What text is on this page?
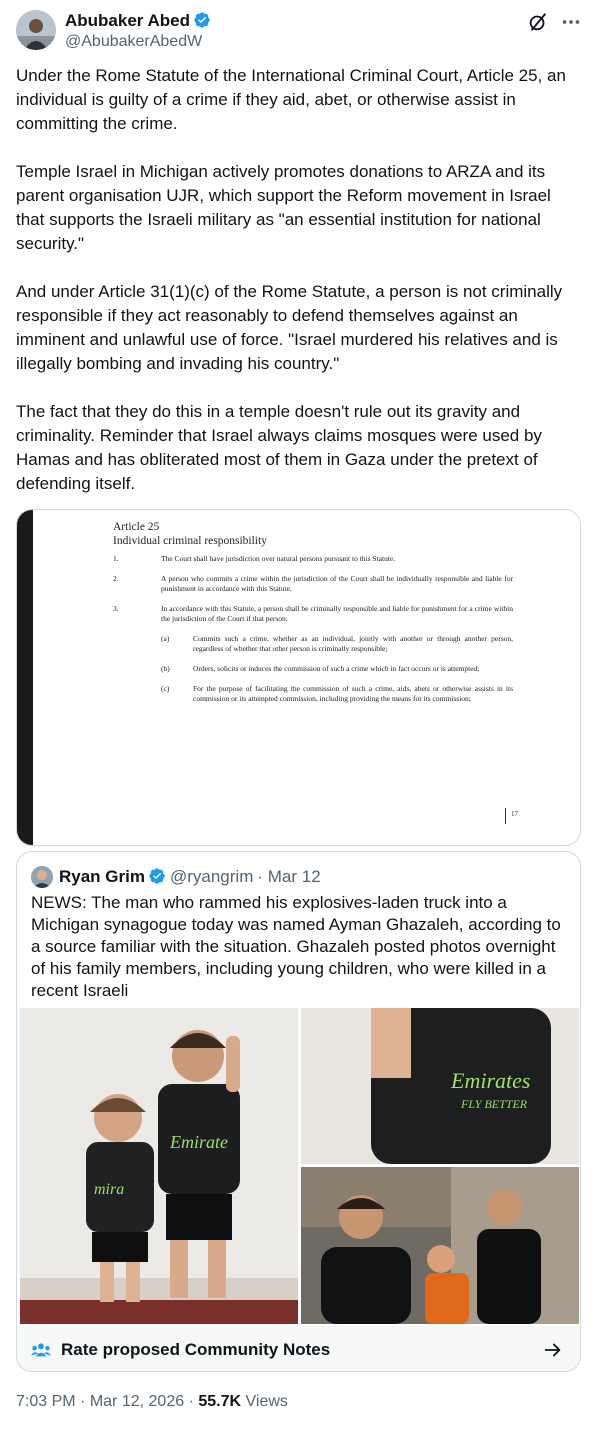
Abubaker Abed
@AbubakerAbedW

Under the Rome Statute of the International Criminal Court, Article 25, an individual is guilty of a crime if they aid, abet, or otherwise assist in committing the crime.

Temple Israel in Michigan actively promotes donations to ARZA and its parent organisation UJR, which support the Reform movement in Israel that supports the Israeli military as "an essential institution for national security."

And under Article 31(1)(c) of the Rome Statute, a person is not criminally responsible if they act reasonably to defend themselves against an imminent and unlawful use of force. "Israel murdered his relatives and is illegally bombing and invading his country."

The fact that they do this in a temple doesn't rule out its gravity and criminality. Reminder that Israel always claims mosques were used by Hamas and has obliterated most of them in Gaza under the pretext of defending itself.

Article 25
Individual criminal responsibility
1.	The Court shall have jurisdiction over natural persons pursuant to this Statute.
2.	A person who commits a crime within the jurisdiction of the Court shall be individually responsible and liable for punishment in accordance with this Statute.
3.	In accordance with this Statute, a person shall be criminally responsible and liable for punishment for a crime within the jurisdiction of the Court if that person:
(a)	Commits such a crime, whether as an individual, jointly with another or through another person, regardless of whether that other person is criminally responsible;
(b)	Orders, solicits or induces the commission of such a crime which in fact occurs or is attempted;
(c)	For the purpose of facilitating the commission of such a crime, aids, abets or otherwise assists in its commission or its attempted commission, including providing the means for its commission;
17
Ryan Grim @ryangrim · Mar 12
NEWS: The man who rammed his explosives-laden truck into a Michigan synagogue today was named Ayman Ghazaleh, according to a source familiar with the situation. Ghazaleh posted photos overnight of his family members, including young children, who were killed in a recent Israeli
Emirate
mira
Emirates
FLY BETTER
Rate proposed Community Notes
7:03 PM · Mar 12, 2026 · 55.7K Views
